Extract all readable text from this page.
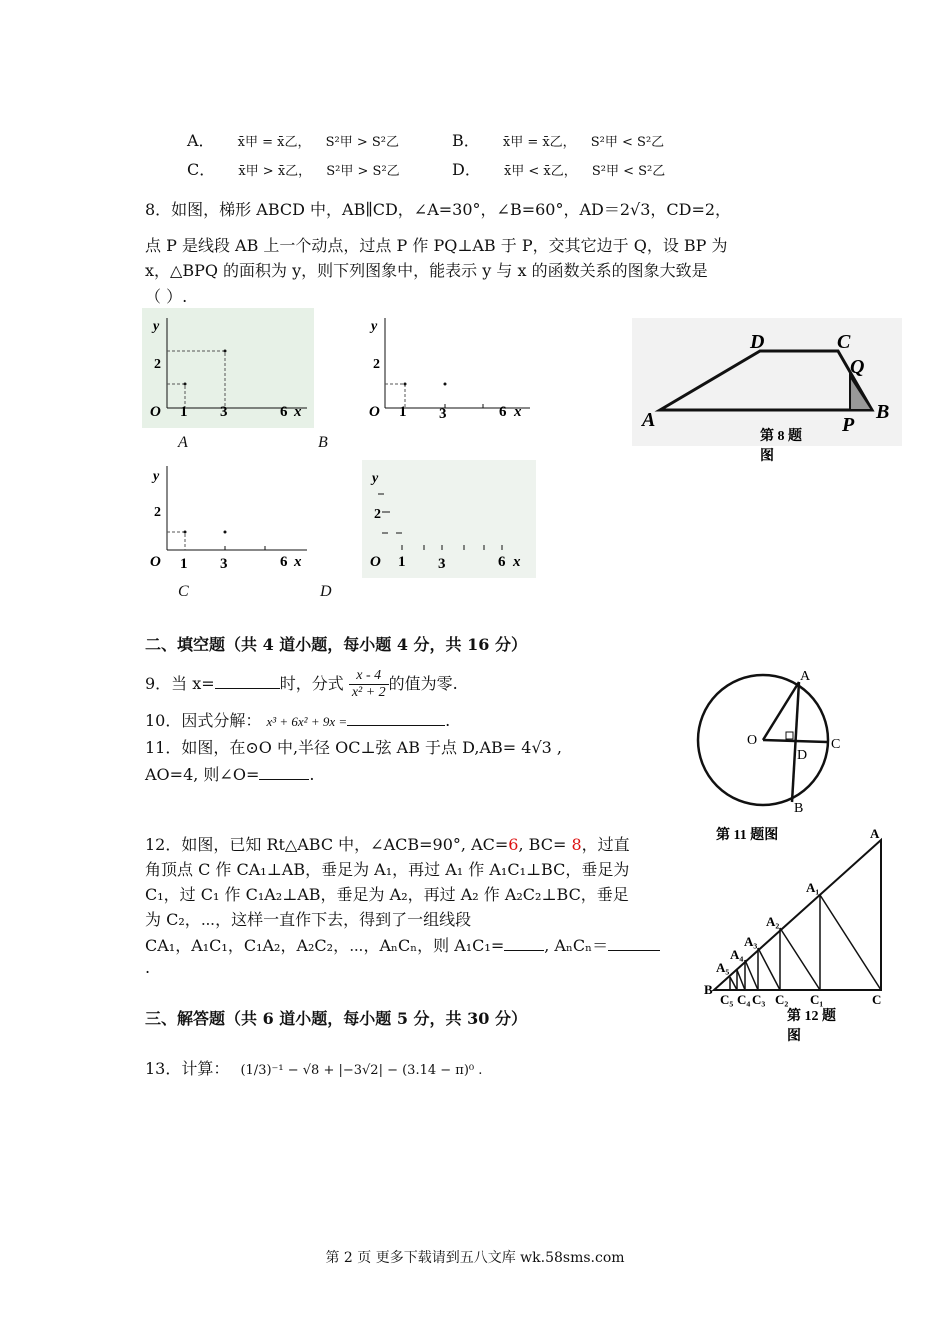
A． x̄甲 = x̄乙， S²甲 > S²乙	B． x̄甲 = x̄乙， S²甲 < S²乙
C． x̄甲 > x̄乙， S²甲 > S²乙	D． x̄甲 < x̄乙， S²甲 < S²乙
8．如图，梯形 ABCD 中，AB∥CD，∠A=30°，∠B=60°，AD＝2√3，CD=2，
点 P 是线段 AB 上一个动点，过点 P 作 PQ⊥AB 于 P，交其它边于 Q，设 BP 为
x，△BPQ 的面积为 y，则下列图象中，能表示 y 与 x 的函数关系的图象大致是
（ ）.
y
2
O 1 3	6 x
A
y
2
O 1 3	6 x
B
y
2
O 1 3	6 x
C
y
2
O 1 3	6 x
D
A
D	C
Q
B
P
第 8 题
图
二、填空题（共 4 道小题，每小题 4 分，共 16 分）
9．当 x=	时，分式 $\frac{x - 4}{\text{x² + 2}}$ 的值为零.
10．因式分解： x³ + 6x² + 9x =	.
11．如图，在⊙O 中,半径 OC⊥弦 AB 于点 D,AB= 4√3 ,
AO=4, 则∠O=	.
A
O
D
C
B
第 11 题图
12．如图，已知 Rt△ABC 中，∠ACB=90°, AC=6, BC= 8，过直
角顶点 C 作 CA₁⊥AB，垂足为 A₁，再过 A₁ 作 A₁C₁⊥BC，垂足为
C₁，过 C₁ 作 C₁A₂⊥AB，垂足为 A₂，再过 A₂ 作 A₂C₂⊥BC，垂足
为 C₂，⋯，这样一直作下去，得到了一组线段
CA₁，A₁C₁，C₁A₂，A₂C₂，⋯，AₙCₙ，则 A₁C₁=	, AₙCₙ＝
.
A
A₁
A₂
A₃
A₄
A₅
B
C₅ C₄ C₃ C₂ C₁	C
第 12 题
图
三、解答题（共 6 道小题，每小题 5 分，共 30 分）
13．计算： (1/3)⁻¹ − √8 + |−3√2| − (3.14 − π)⁰ .
第 2 页 更多下载请到五八文库 wk.58sms.com
